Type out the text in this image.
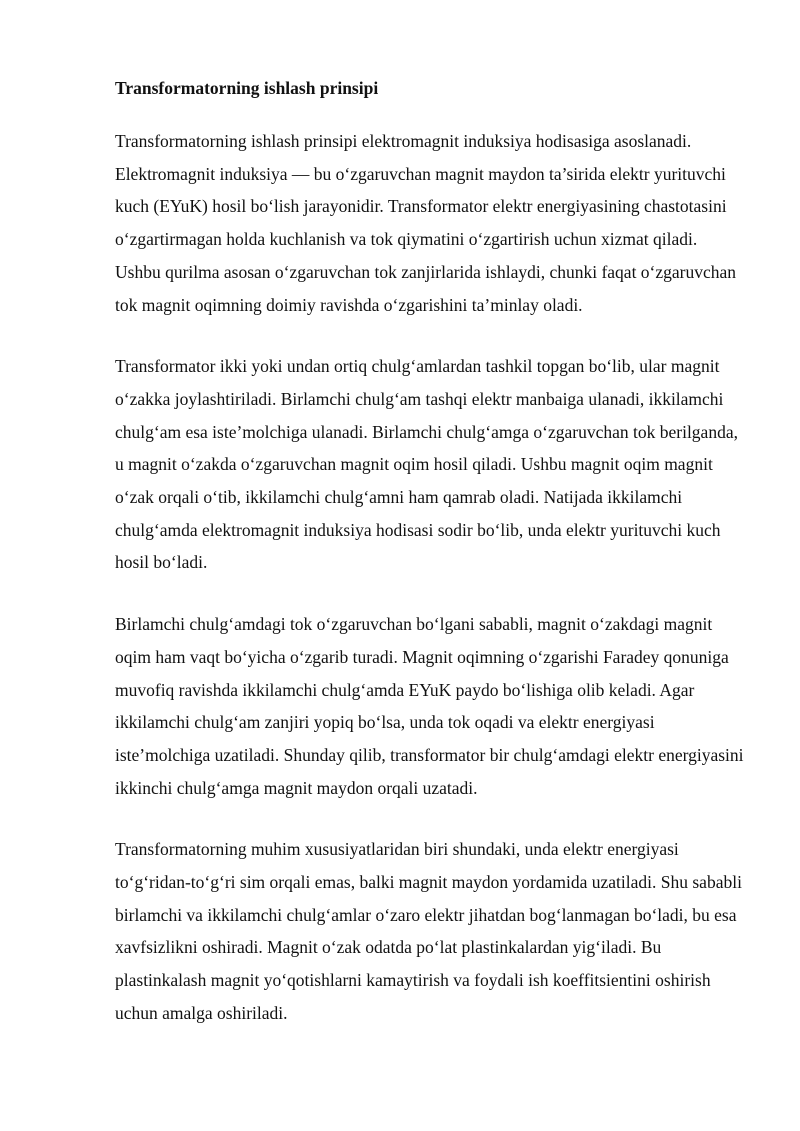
Transformatorning ishlash prinsipi

Transformatorning ishlash prinsipi elektromagnit induksiya hodisasiga asoslanadi. Elektromagnit induksiya — bu o‘zgaruvchan magnit maydon ta’sirida elektr yurituvchi kuch (EYuK) hosil bo‘lish jarayonidir. Transformator elektr energiyasining chastotasini o‘zgartirmagan holda kuchlanish va tok qiymatini o‘zgartirish uchun xizmat qiladi. Ushbu qurilma asosan o‘zgaruvchan tok zanjirlarida ishlaydi, chunki faqat o‘zgaruvchan tok magnit oqimning doimiy ravishda o‘zgarishini ta’minlay oladi.

Transformator ikki yoki undan ortiq chulg‘amlardan tashkil topgan bo‘lib, ular magnit o‘zakka joylashtiriladi. Birlamchi chulg‘am tashqi elektr manbaiga ulanadi, ikkilamchi chulg‘am esa iste’molchiga ulanadi. Birlamchi chulg‘amga o‘zgaruvchan tok berilganda, u magnit o‘zakda o‘zgaruvchan magnit oqim hosil qiladi. Ushbu magnit oqim magnit o‘zak orqali o‘tib, ikkilamchi chulg‘amni ham qamrab oladi. Natijada ikkilamchi chulg‘amda elektromagnit induksiya hodisasi sodir bo‘lib, unda elektr yurituvchi kuch hosil bo‘ladi.

Birlamchi chulg‘amdagi tok o‘zgaruvchan bo‘lgani sababli, magnit o‘zakdagi magnit oqim ham vaqt bo‘yicha o‘zgarib turadi. Magnit oqimning o‘zgarishi Faradey qonuniga muvofiq ravishda ikkilamchi chulg‘amda EYuK paydo bo‘lishiga olib keladi. Agar ikkilamchi chulg‘am zanjiri yopiq bo‘lsa, unda tok oqadi va elektr energiyasi iste’molchiga uzatiladi. Shunday qilib, transformator bir chulg‘amdagi elektr energiyasini ikkinchi chulg‘amga magnit maydon orqali uzatadi.

Transformatorning muhim xususiyatlaridan biri shundaki, unda elektr energiyasi to‘g‘ridan-to‘g‘ri sim orqali emas, balki magnit maydon yordamida uzatiladi. Shu sababli birlamchi va ikkilamchi chulg‘amlar o‘zaro elektr jihatdan bog‘lanmagan bo‘ladi, bu esa xavfsizlikni oshiradi. Magnit o‘zak odatda po‘lat plastinkalardan yig‘iladi. Bu plastinkalash magnit yo‘qotishlarni kamaytirish va foydali ish koeffitsientini oshirish uchun amalga oshiriladi.
